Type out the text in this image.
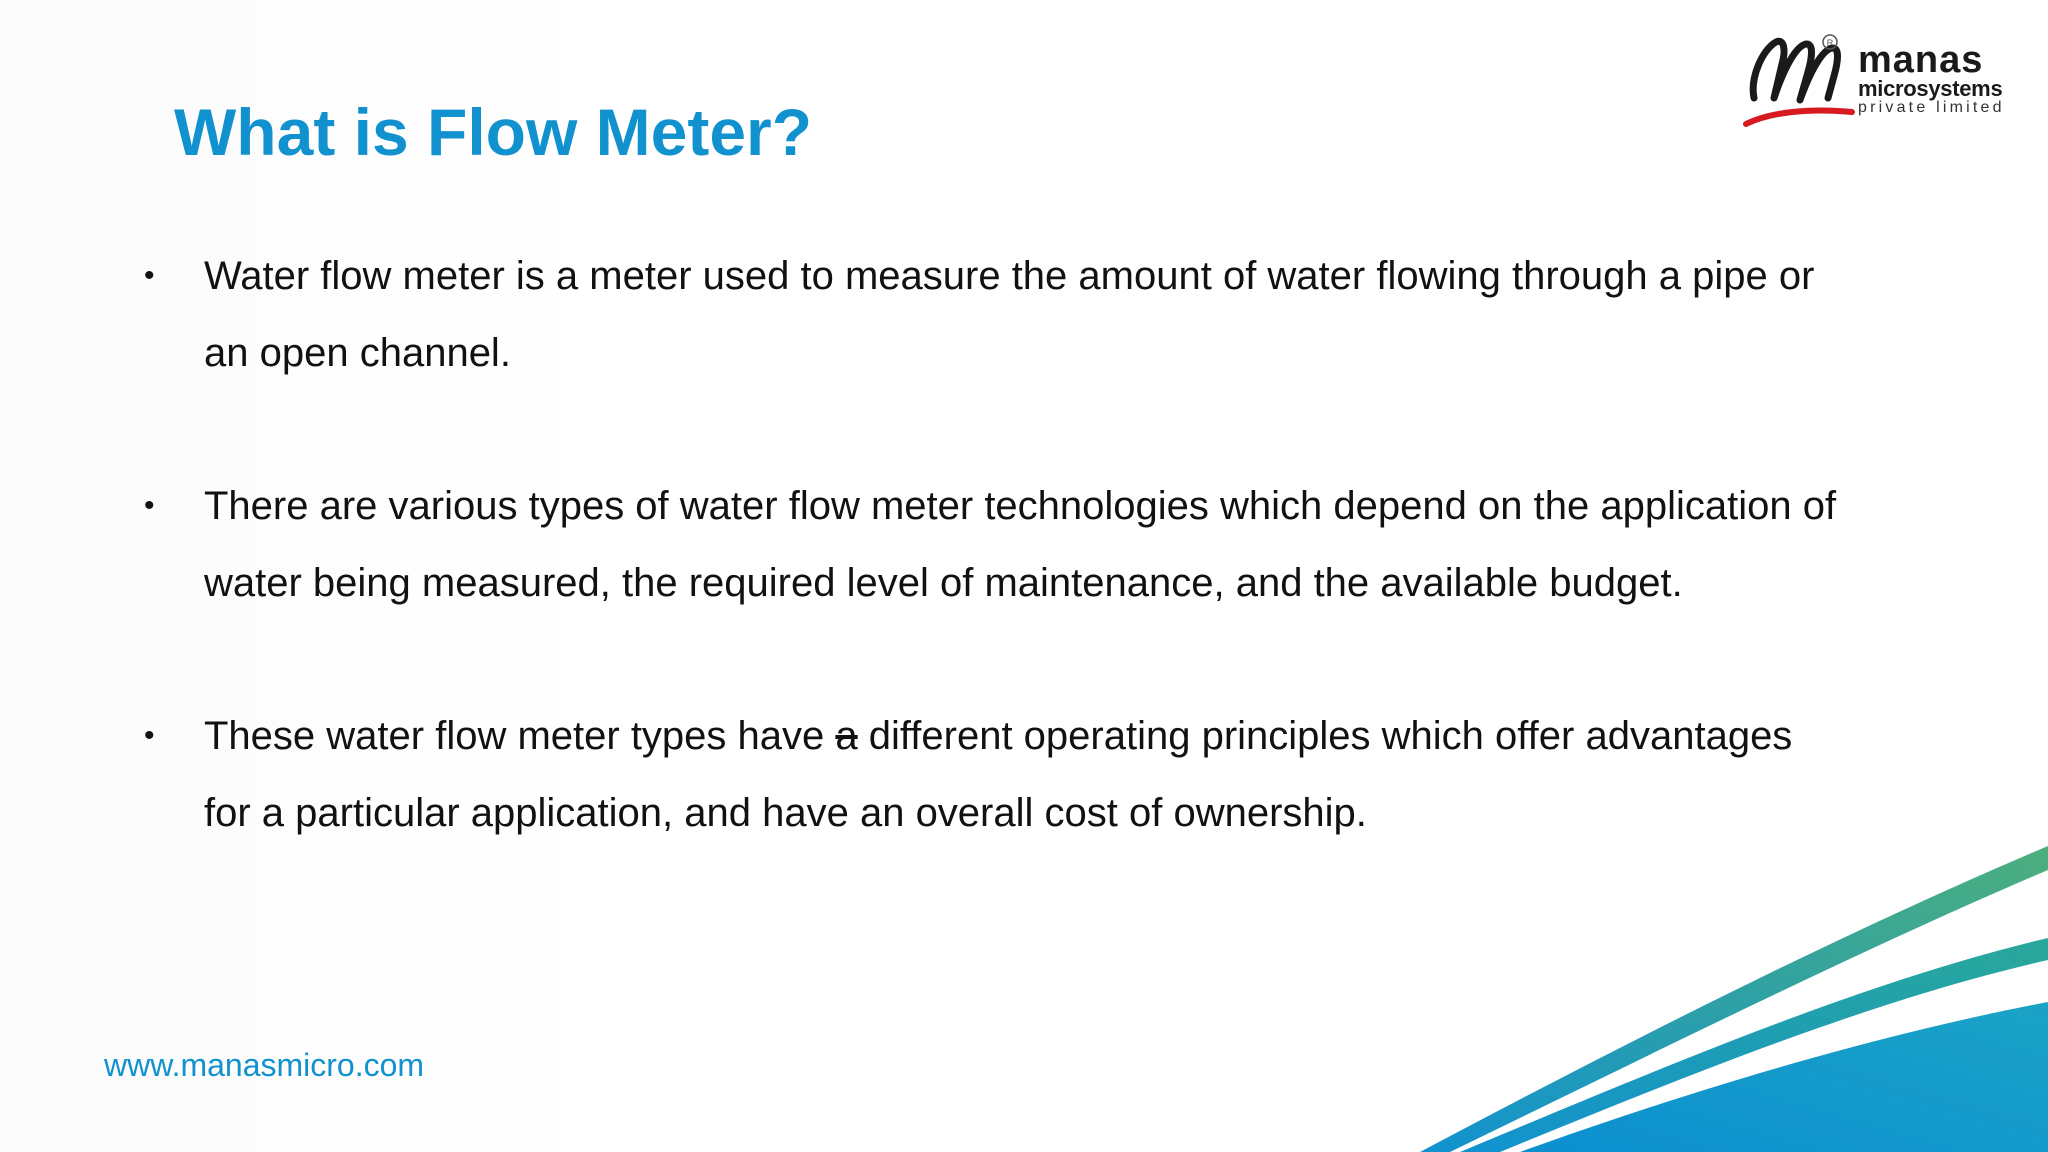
What is Flow Meter?
R manas
microsystems
private limited
•	Water flow meter is a meter used to measure the amount of water flowing through a pipe or an open channel.
•	There are various types of water flow meter technologies which depend on the application of water being measured, the required level of maintenance, and the available budget.
•	These water flow meter types have a different operating principles which offer advantages for a particular application, and have an overall cost of ownership.
www.manasmicro.com
